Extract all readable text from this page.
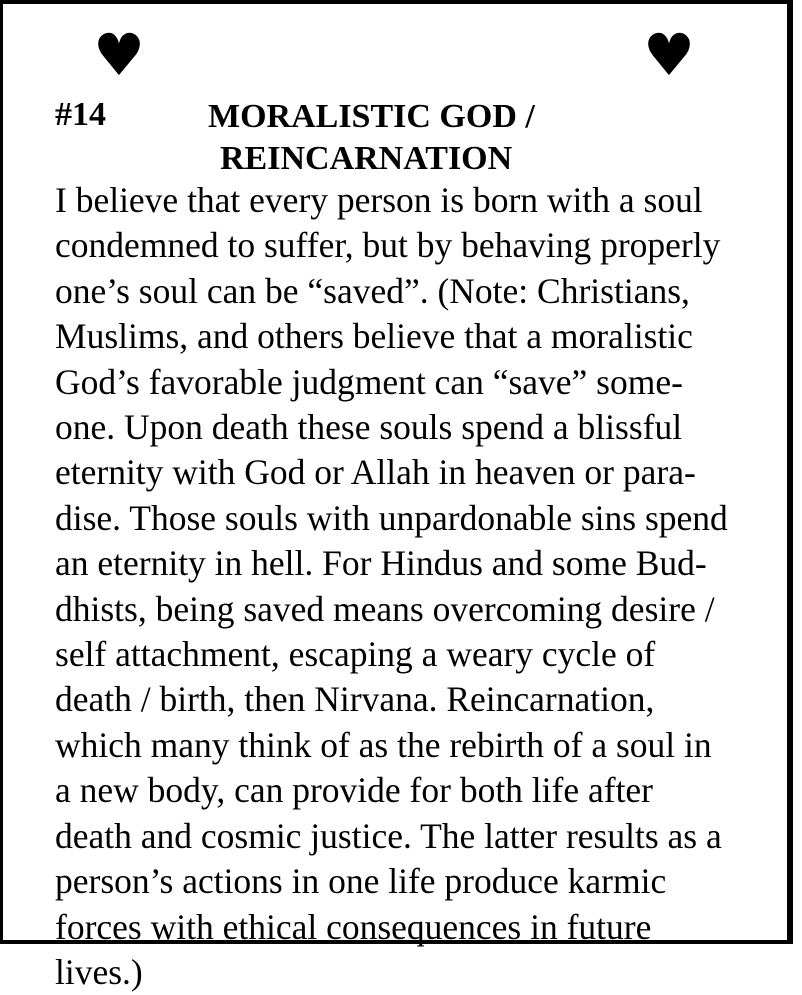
♥	♥
#14	MORALISTIC GOD /
REINCARNATION

I believe that every person is born with a soul
condemned to suffer, but by behaving properly
one’s soul can be “saved”. (Note: Christians,
Muslims, and others believe that a moralistic
God’s favorable judgment can “save” some-
one. Upon death these souls spend a blissful
eternity with God or Allah in heaven or para-
dise. Those souls with unpardonable sins spend
an eternity in hell. For Hindus and some Bud-
dhists, being saved means overcoming desire /
self attachment, escaping a weary cycle of
death / birth, then Nirvana. Reincarnation,
which many think of as the rebirth of a soul in
a new body, can provide for both life after
death and cosmic justice. The latter results as a
person’s actions in one life produce karmic
forces with ethical consequences in future
lives.)
